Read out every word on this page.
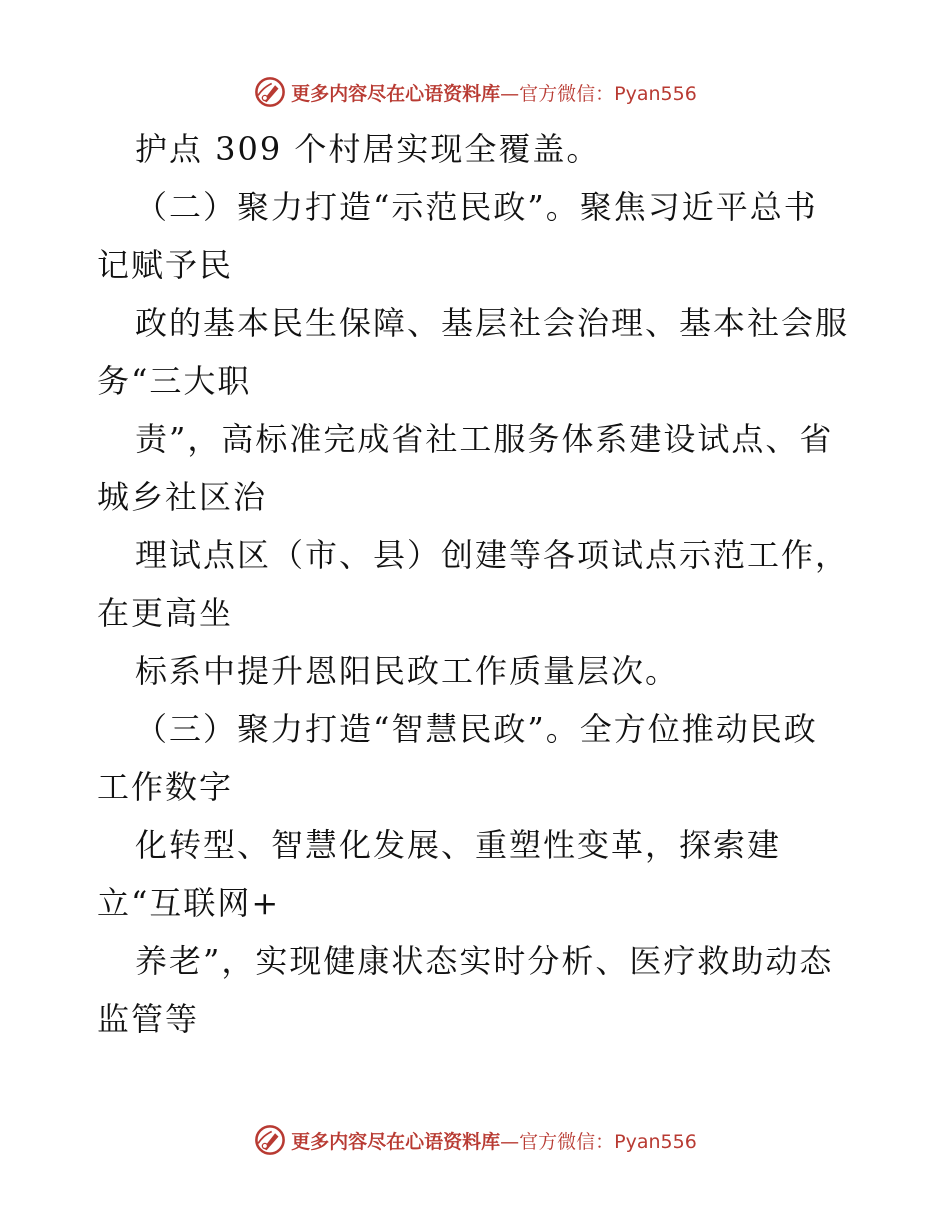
更多内容尽在心语资料库 —官方微信：Pyan556
护点 309 个村居实现全覆盖。
（二）聚力打造“示范民政”。聚焦习近平总书
记赋予民
政的基本民生保障、基层社会治理、基本社会服
务“三大职
责”，高标准完成省社工服务体系建设试点、省
城乡社区治
理试点区（市、县）创建等各项试点示范工作，
在更高坐
标系中提升恩阳民政工作质量层次。
（三）聚力打造“智慧民政”。全方位推动民政
工作数字
化转型、智慧化发展、重塑性变革，探索建
立“互联网+
养老”，实现健康状态实时分析、医疗救助动态
监管等
更多内容尽在心语资料库 —官方微信：Pyan556
